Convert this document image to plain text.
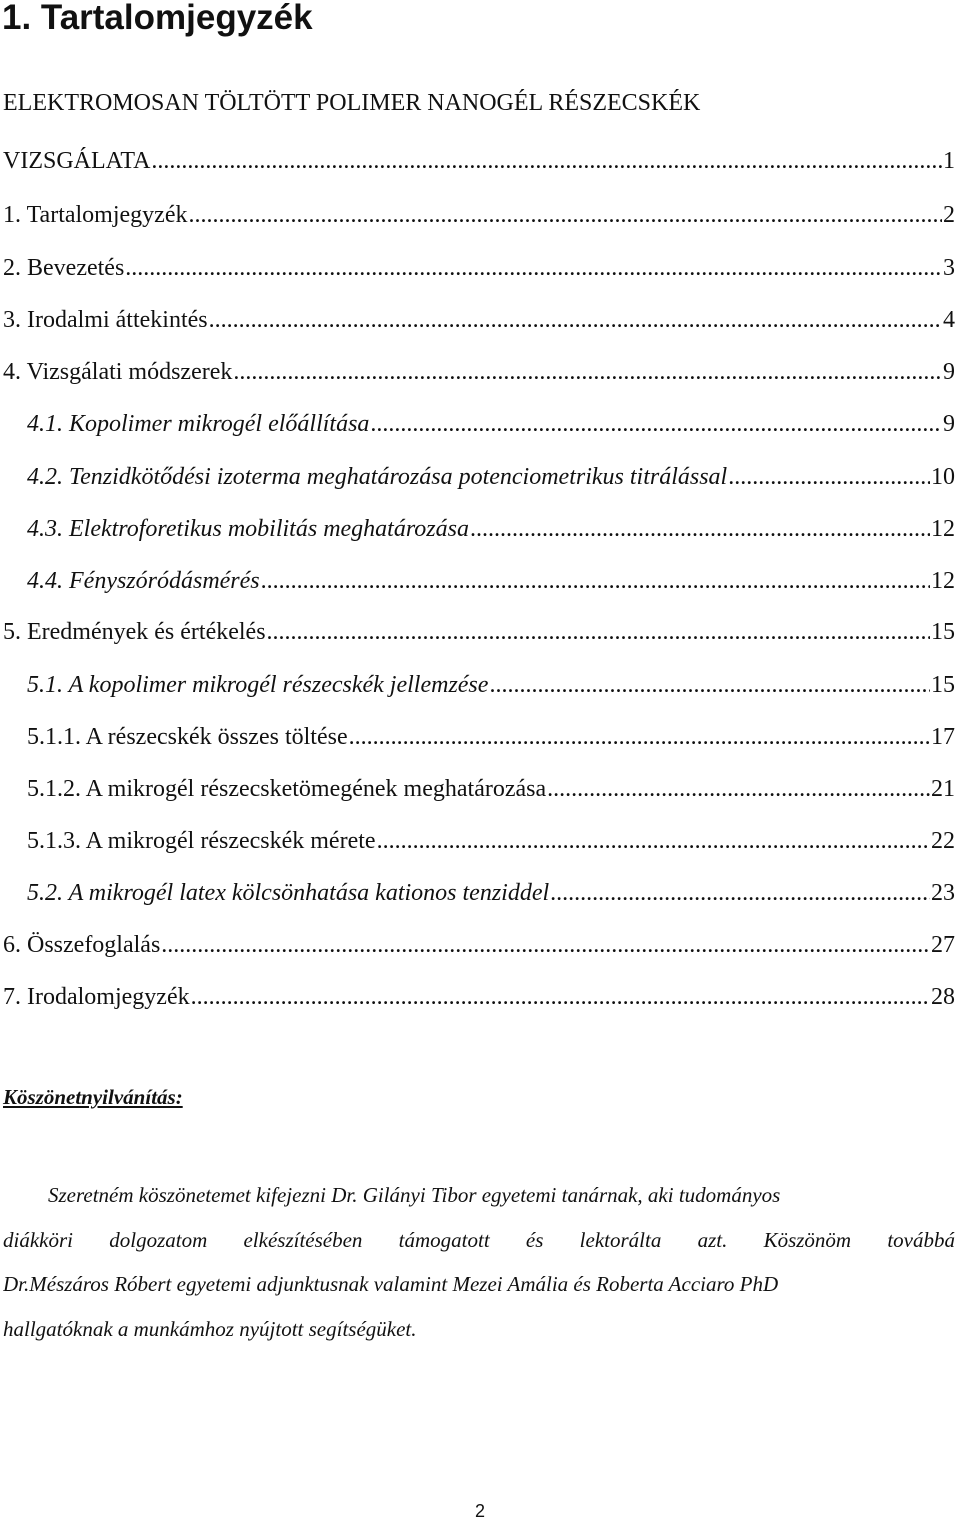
1. Tartalomjegyzék
ELEKTROMOSAN TÖLTÖTT POLIMER NANOGÉL RÉSZECSKÉK
VIZSGÁLATA .....	1
1. Tartalomjegyzék .....	2
2. Bevezetés .....	3
3. Irodalmi áttekintés .....	4
4. Vizsgálati módszerek .....	9
4.1. Kopolimer mikrogél előállítása .....	9
4.2. Tenzidkötődési izoterma meghatározása potenciometrikus titrálással .....	10
4.3. Elektroforetikus mobilitás meghatározása .....	12
4.4. Fényszóródásmérés .....	12
5. Eredmények és értékelés .....	15
5.1. A kopolimer mikrogél részecskék jellemzése .....	15
5.1.1. A részecskék összes töltése .....	17
5.1.2. A mikrogél részecsketömegének meghatározása .....	21
5.1.3. A mikrogél részecskék mérete .....	22
5.2. A mikrogél latex kölcsönhatása kationos tenziddel .....	23
6. Összefoglalás .....	27
7. Irodalomjegyzék .....	28
Köszönetnyilvánítás:
Szeretném köszönetemet kifejezni Dr. Gilányi Tibor egyetemi tanárnak, aki tudományos
diákköri dolgozatom elkészítésében támogatott és lektorálta azt. Köszönöm továbbá
Dr.Mészáros Róbert egyetemi adjunktusnak valamint Mezei Amália és Roberta Acciaro PhD
hallgatóknak a munkámhoz nyújtott segítségüket.
2
